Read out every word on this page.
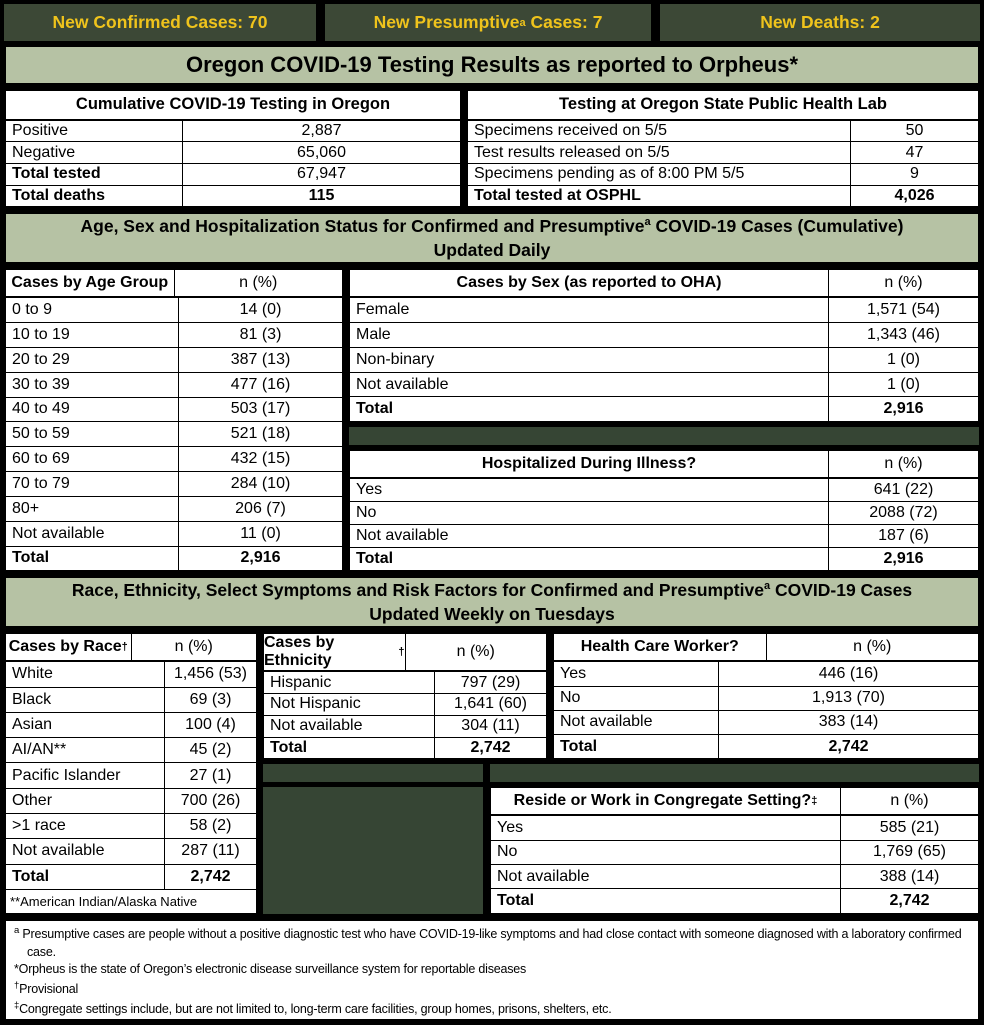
New Confirmed Cases: 70	New Presumptive a Cases: 7	New Deaths: 2
Oregon COVID-19 Testing Results as reported to Orpheus*
Cumulative COVID-19 Testing in Oregon
Positive	2,887
Negative	65,060
Total tested	67,947
Total deaths	115
Testing at Oregon State Public Health Lab
Specimens received on 5/5	50
Test results released on 5/5	47
Specimens pending as of 8:00 PM 5/5	9
Total tested at OSPHL	4,026
Age, Sex and Hospitalization Status for Confirmed and Presumptive$^a$ COVID-19 Cases (Cumulative)
Updated Daily
Cases by Age Group	n (%)
0 to 9	14 (0)
10 to 19	81 (3)
20 to 29	387 (13)
30 to 39	477 (16)
40 to 49	503 (17)
50 to 59	521 (18)
60 to 69	432 (15)
70 to 79	284 (10)
80+	206 (7)
Not available	11 (0)
Total	2,916
Cases by Sex (as reported to OHA)	n (%)
Female	1,571 (54)
Male	1,343 (46)
Non-binary	1 (0)
Not available	1 (0)
Total	2,916
Hospitalized During Illness?	n (%)
Yes	641 (22)
No	2088 (72)
Not available	187 (6)
Total	2,916
Race, Ethnicity, Select Symptoms and Risk Factors for Confirmed and Presumptive$^a$ COVID-19 Cases
Updated Weekly on Tuesdays
Cases by Race †	n (%)
White	1,456 (53)
Black	69 (3)
Asian	100 (4)
AI/AN**	45 (2)
Pacific Islander	27 (1)
Other	700 (26)
>1 race	58 (2)
Not available	287 (11)
Total	2,742
**American Indian/Alaska Native
Cases by Ethnicity	†	n (%)
Hispanic	797 (29)
Not Hispanic	1,641 (60)
Not available	304 (11)
Total	2,742
Health Care Worker?	n (%)
Yes	446 (16)
No	1,913 (70)
Not available	383 (14)
Total	2,742
Reside or Work in Congregate Setting? ‡	n (%)
Yes	585 (21)
No	1,769 (65)
Not available	388 (14)
Total	2,742
$^a$ Presumptive cases are people without a positive diagnostic test who have COVID-19-like symptoms and had close contact with someone diagnosed with a laboratory confirmed case.
*Orpheus is the state of Oregon’s electronic disease surveillance system for reportable diseases
†Provisional
‡Congregate settings include, but are not limited to, long-term care facilities, group homes, prisons, shelters, etc.
